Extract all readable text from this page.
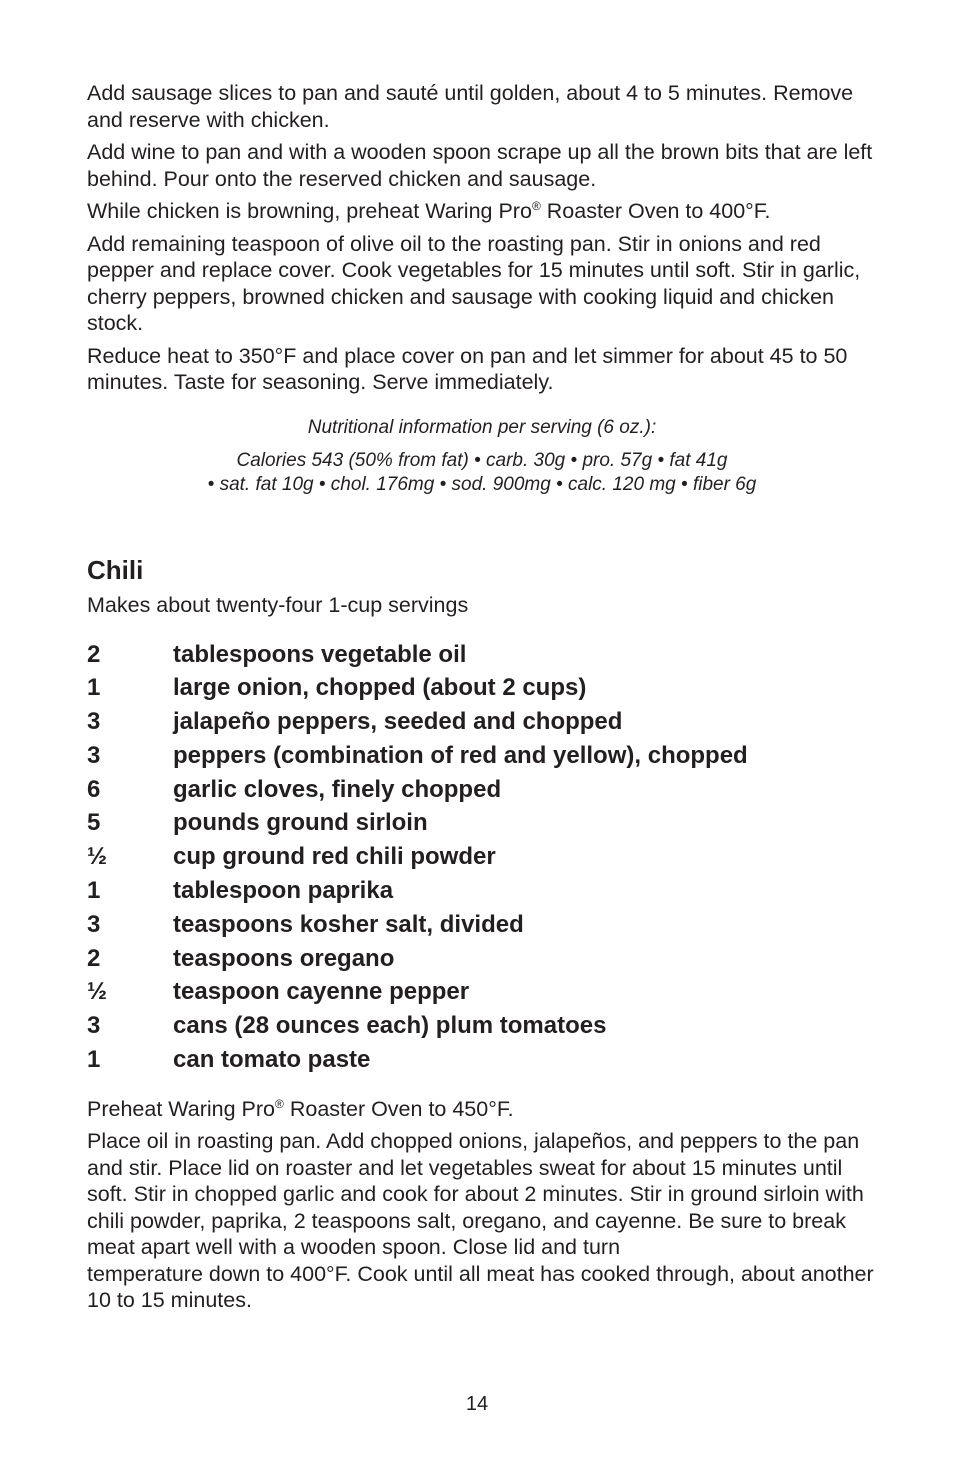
Add sausage slices to pan and sauté until golden, about 4 to 5 minutes. Remove and reserve with chicken.

Add wine to pan and with a wooden spoon scrape up all the brown bits that are left behind. Pour onto the reserved chicken and sausage.

While chicken is browning, preheat Waring Pro® Roaster Oven to 400°F.

Add remaining teaspoon of olive oil to the roasting pan. Stir in onions and red pepper and replace cover. Cook vegetables for 15 minutes until soft. Stir in garlic, cherry peppers, browned chicken and sausage with cooking liquid and chicken stock.

Reduce heat to 350°F and place cover on pan and let simmer for about 45 to 50 minutes. Taste for seasoning. Serve immediately.

Nutritional information per serving (6 oz.):

Calories 543 (50% from fat) • carb. 30g • pro. 57g • fat 41g

• sat. fat 10g • chol. 176mg • sod. 900mg • calc. 120 mg • fiber 6g

Chili
Makes about twenty-four 1-cup servings
2	tablespoons vegetable oil
1	large onion, chopped (about 2 cups)
3	jalapeño peppers, seeded and chopped
3	peppers (combination of red and yellow), chopped
6	garlic cloves, finely chopped
5	pounds ground sirloin
½	cup ground red chili powder
1	tablespoon paprika
3	teaspoons kosher salt, divided
2	teaspoons oregano
½	teaspoon cayenne pepper
3	cans (28 ounces each) plum tomatoes
1	can tomato paste

Preheat Waring Pro® Roaster Oven to 450°F.

Place oil in roasting pan. Add chopped onions, jalapeños, and peppers to the pan and stir. Place lid on roaster and let vegetables sweat for about 15 minutes until soft. Stir in chopped garlic and cook for about 2 minutes. Stir in ground sirloin with chili powder, paprika, 2 teaspoons salt, oregano, and cayenne. Be sure to break meat apart well with a wooden spoon. Close lid and turn
temperature down to 400°F. Cook until all meat has cooked through, about another 10 to 15 minutes.

14
